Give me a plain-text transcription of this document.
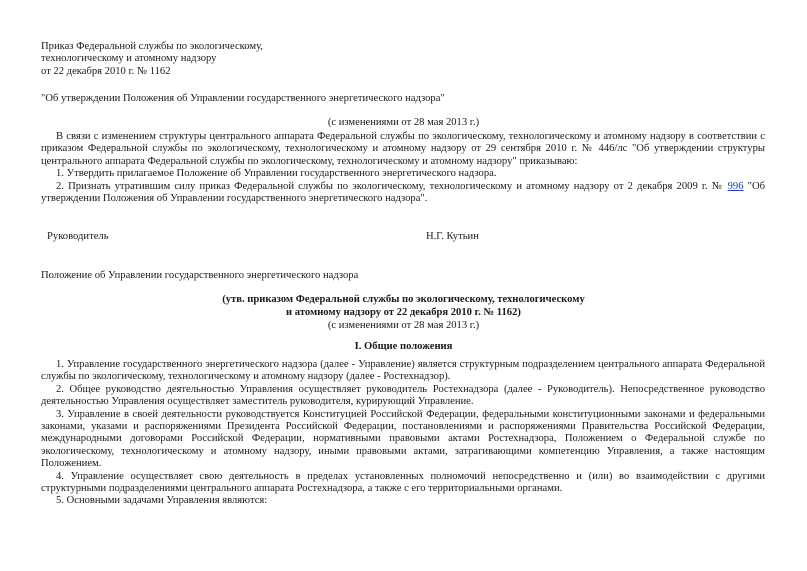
Приказ Федеральной службы по экологическому,
технологическому и атомному надзору
от 22 декабря 2010 г. № 1162
"Об утверждении Положения об Управлении государственного энергетического надзора"
(с изменениями от 28 мая 2013 г.)

В связи с изменением структуры центрального аппарата Федеральной службы по экологическому, технологическому и атомному надзору в соответствии с приказом Федеральной службы по экологическому, технологическому и атомному надзору от 29 сентября 2010 г. № 446/лс "Об утверждении структуры центрального аппарата Федеральной службы по экологическому, технологическому и атомному надзору" приказываю:

1. Утвердить прилагаемое Положение об Управлении государственного энергетического надзора.

2. Признать утратившим силу приказ Федеральной службы по экологическому, технологическому и атомному надзору от 2 декабря 2009 г. № 996 "Об утверждении Положения об Управлении государственного энергетического надзора".

Руководитель	Н.Г. Кутьин
Положение об Управлении государственного энергетического надзора
(утв. приказом Федеральной службы по экологическому, технологическому
и атомному надзору от 22 декабря 2010 г. № 1162)
(с изменениями от 28 мая 2013 г.)
I. Общие положения

1. Управление государственного энергетического надзора (далее - Управление) является структурным подразделением центрального аппарата Федеральной службы по экологическому, технологическому и атомному надзору (далее - Ростехнадзор).

2. Общее руководство деятельностью Управления осуществляет руководитель Ростехнадзора (далее - Руководитель). Непосредственное руководство деятельностью Управления осуществляет заместитель руководителя, курирующий Управление.

3. Управление в своей деятельности руководствуется Конституцией Российской Федерации, федеральными конституционными законами и федеральными законами, указами и распоряжениями Президента Российской Федерации, постановлениями и распоряжениями Правительства Российской Федерации, международными договорами Российской Федерации, нормативными правовыми актами Ростехнадзора, Положением о Федеральной службе по экологическому, технологическому и атомному надзору, иными правовыми актами, затрагивающими компетенцию Управления, а также настоящим Положением.

4. Управление осуществляет свою деятельность в пределах установленных полномочий непосредственно и (или) во взаимодействии с другими структурными подразделениями центрального аппарата Ростехнадзора, а также с его территориальными органами.

5. Основными задачами Управления являются:
